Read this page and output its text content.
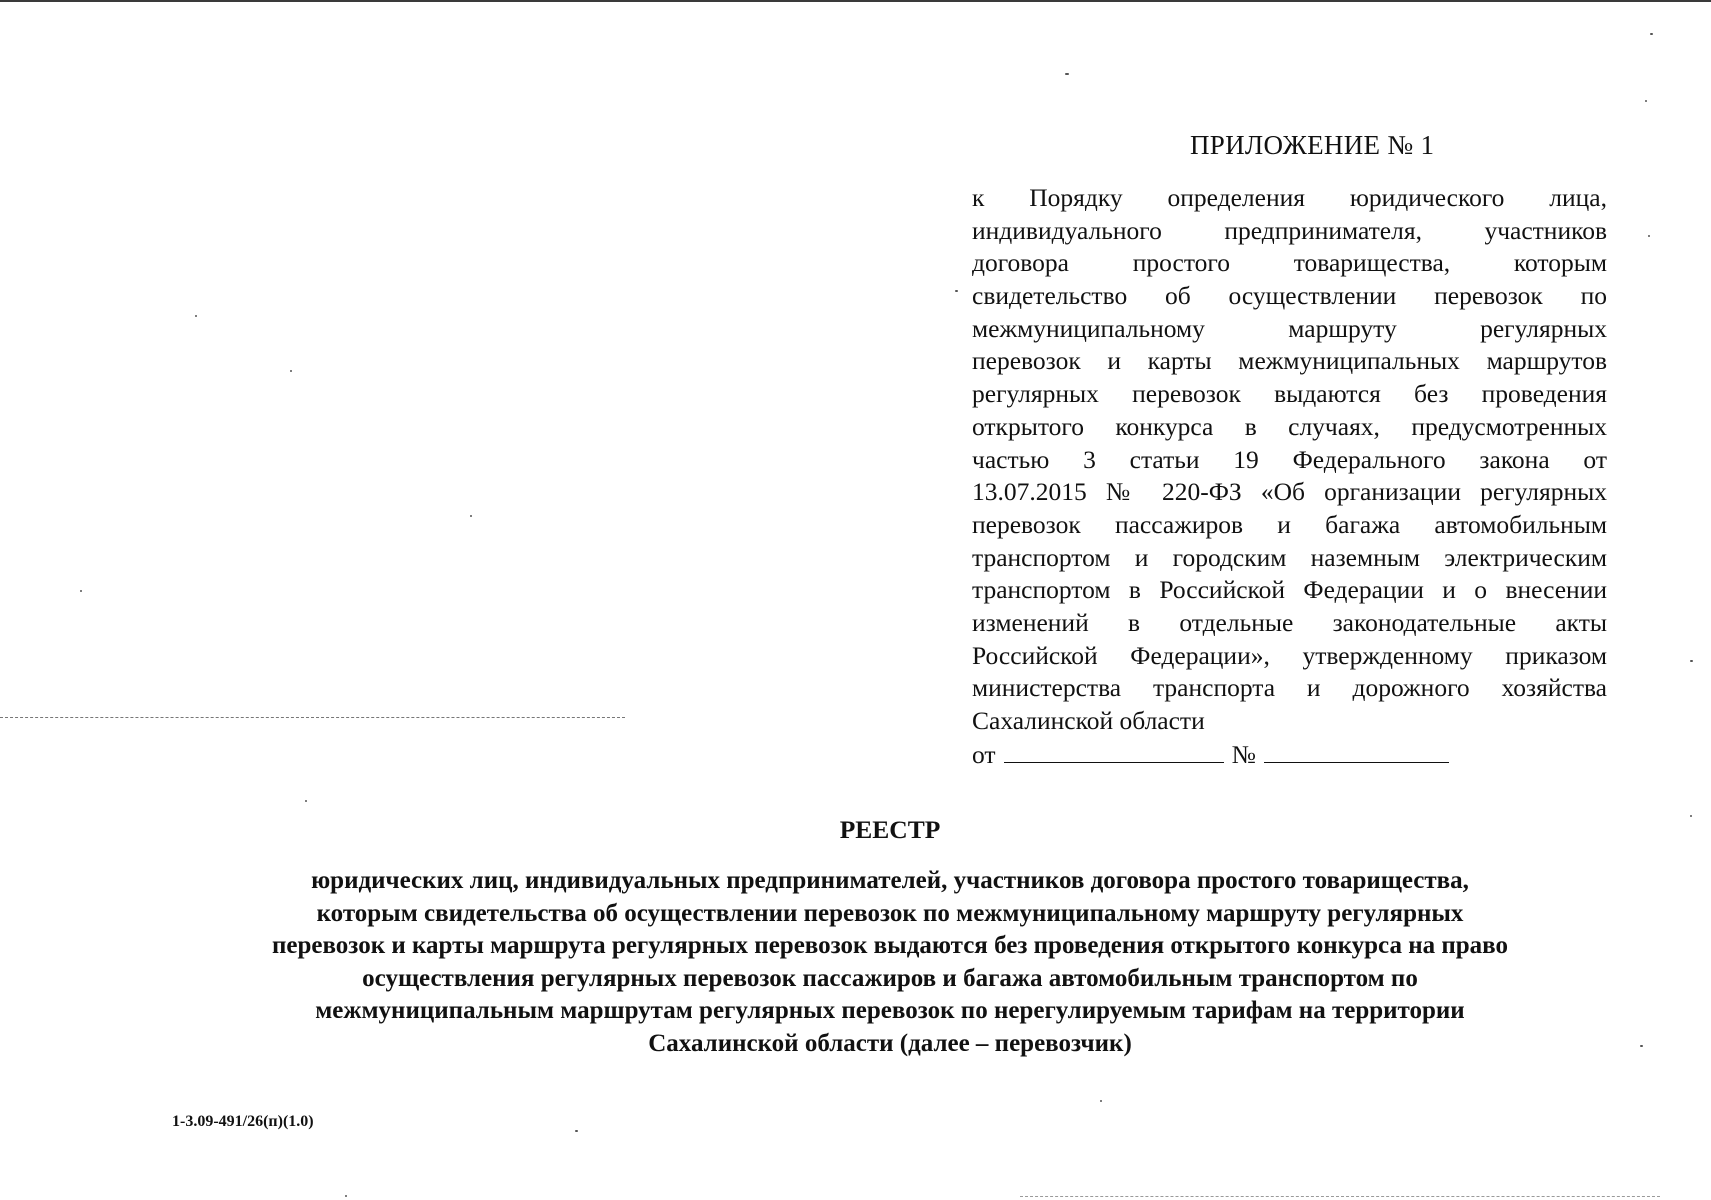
ПРИЛОЖЕНИЕ № 1
к Порядку определения юридического лица,
индивидуального предпринимателя, участников
договора простого товарищества, которым
свидетельство об осуществлении перевозок по
межмуниципальному маршруту регулярных
перевозок и карты межмуниципальных маршрутов
регулярных перевозок выдаются без проведения
открытого конкурса в случаях, предусмотренных
частью 3 статьи 19 Федерального закона от
13.07.2015 № 220-ФЗ «Об организации регулярных
перевозок пассажиров и багажа автомобильным
транспортом и городским наземным электрическим
транспортом в Российской Федерации и о внесении
изменений в отдельные законодательные акты
Российской Федерации», утвержденному приказом
министерства транспорта и дорожного хозяйства
Сахалинской области
от	№
РЕЕСТР
юридических лиц, индивидуальных предпринимателей, участников договора простого товарищества,
которым свидетельства об осуществлении перевозок по межмуниципальному маршруту регулярных
перевозок и карты маршрута регулярных перевозок выдаются без проведения открытого конкурса на право
осуществления регулярных перевозок пассажиров и багажа автомобильным транспортом по
межмуниципальным маршрутам регулярных перевозок по нерегулируемым тарифам на территории
Сахалинской области (далее – перевозчик)
1-3.09-491/26(п)(1.0)
